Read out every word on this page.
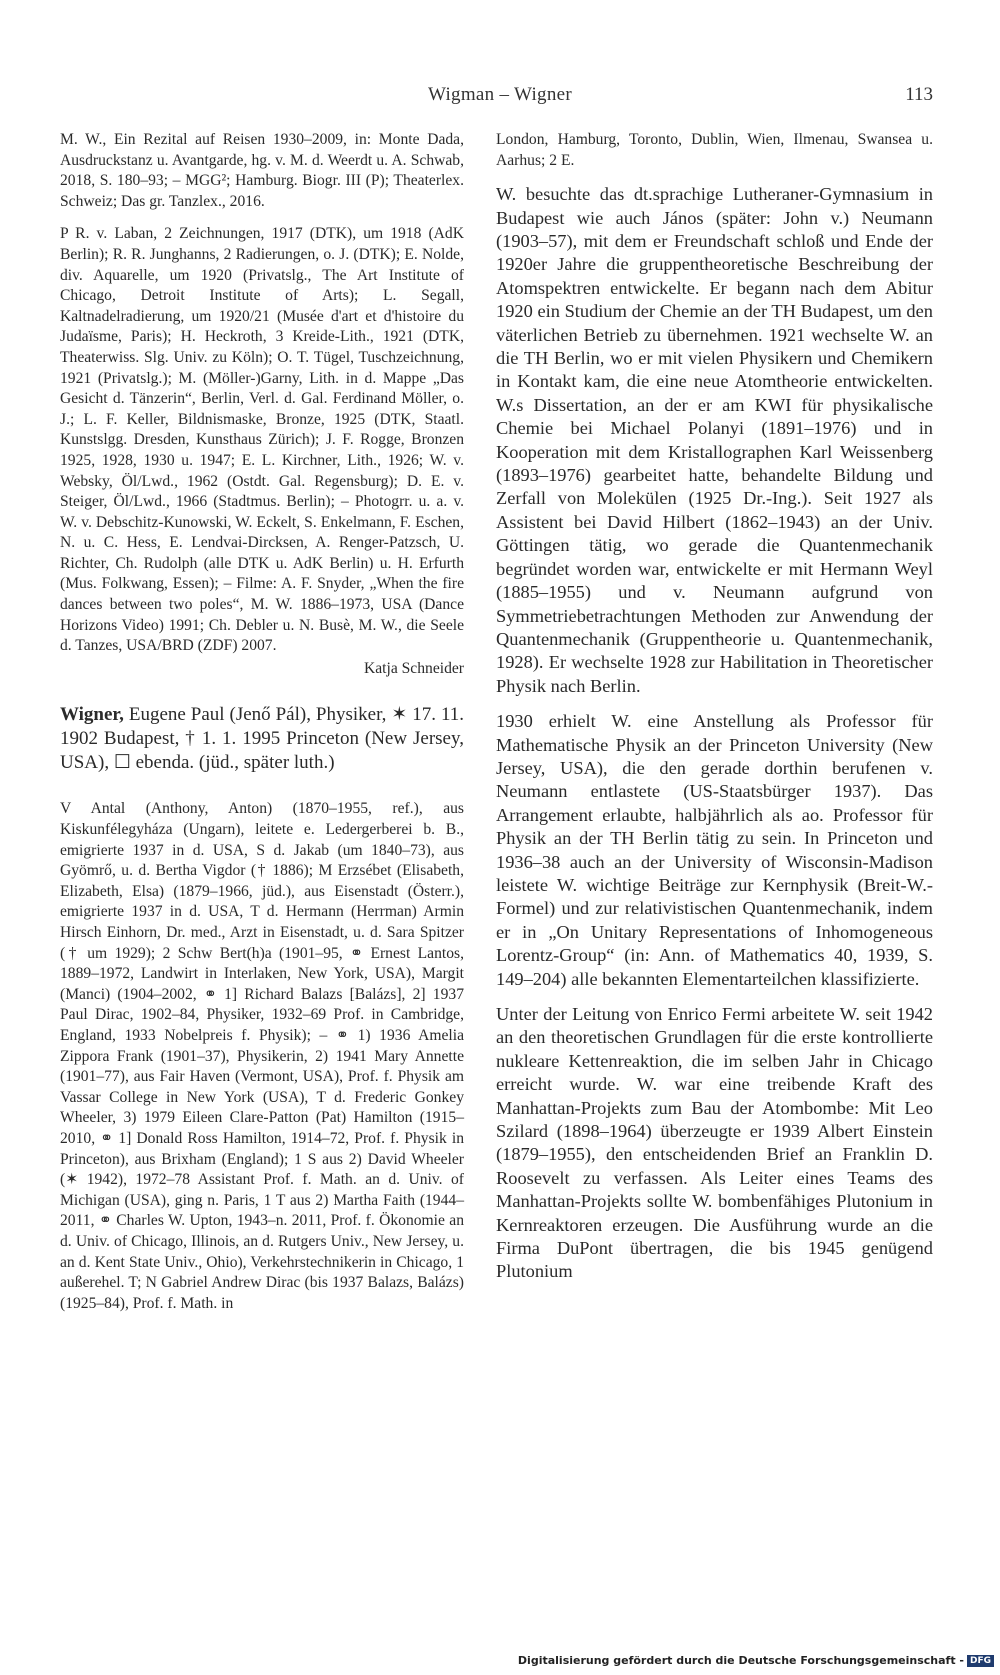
Wigman – Wigner	113

M. W., Ein Rezital auf Reisen 1930–2009, in: Monte Dada, Ausdruckstanz u. Avantgarde, hg. v. M. d. Weerdt u. A. Schwab, 2018, S. 180–93; – MGG²; Hamburg. Biogr. III (P); Theaterlex. Schweiz; Das gr. Tanzlex., 2016.

P R. v. Laban, 2 Zeichnungen, 1917 (DTK), um 1918 (AdK Berlin); R. R. Junghanns, 2 Radierungen, o. J. (DTK); E. Nolde, div. Aquarelle, um 1920 (Privatslg., The Art Institute of Chicago, Detroit Institute of Arts); L. Segall, Kaltnadelradierung, um 1920/21 (Musée d'art et d'histoire du Judaïsme, Paris); H. Heckroth, 3 Kreide-Lith., 1921 (DTK, Theaterwiss. Slg. Univ. zu Köln); O. T. Tügel, Tuschzeichnung, 1921 (Privatslg.); M. (Möller-)Garny, Lith. in d. Mappe „Das Gesicht d. Tänzerin“, Berlin, Verl. d. Gal. Ferdinand Möller, o. J.; L. F. Keller, Bildnismaske, Bronze, 1925 (DTK, Staatl. Kunstslgg. Dresden, Kunsthaus Zürich); J. F. Rogge, Bronzen 1925, 1928, 1930 u. 1947; E. L. Kirchner, Lith., 1926; W. v. Websky, Öl/Lwd., 1962 (Ostdt. Gal. Regensburg); D. E. v. Steiger, Öl/Lwd., 1966 (Stadtmus. Berlin); – Photogrr. u. a. v. W. v. Debschitz-Kunowski, W. Eckelt, S. Enkelmann, F. Eschen, N. u. C. Hess, E. Lendvai-Dircksen, A. Renger-Patzsch, U. Richter, Ch. Rudolph (alle DTK u. AdK Berlin) u. H. Erfurth (Mus. Folkwang, Essen); – Filme: A. F. Snyder, „When the fire dances between two poles“, M. W. 1886–1973, USA (Dance Horizons Video) 1991; Ch. Debler u. N. Busè, M. W., die Seele d. Tanzes, USA/BRD (ZDF) 2007.

Katja Schneider

Wigner, Eugene Paul (Jenő Pál), Physiker, ✶ 17. 11. 1902 Budapest, † 1. 1. 1995 Princeton (New Jersey, USA), ☐ ebenda. (jüd., später luth.)

V Antal (Anthony, Anton) (1870–1955, ref.), aus Kiskunfélegyháza (Ungarn), leitete e. Ledergerberei b. B., emigrierte 1937 in d. USA, S d. Jakab (um 1840–73), aus Gyömrő, u. d. Bertha Vigdor († 1886); M Erzsébet (Elisabeth, Elizabeth, Elsa) (1879–1966, jüd.), aus Eisenstadt (Österr.), emigrierte 1937 in d. USA, T d. Hermann (Herrman) Armin Hirsch Einhorn, Dr. med., Arzt in Eisenstadt, u. d. Sara Spitzer († um 1929); 2 Schw Bert(h)a (1901–95, ⚭ Ernest Lantos, 1889–1972, Landwirt in Interlaken, New York, USA), Margit (Manci) (1904–2002, ⚭ 1] Richard Balazs [Balázs], 2] 1937 Paul Dirac, 1902–84, Physiker, 1932–69 Prof. in Cambridge, England, 1933 Nobelpreis f. Physik); – ⚭ 1) 1936 Amelia Zippora Frank (1901–37), Physikerin, 2) 1941 Mary Annette (1901–77), aus Fair Haven (Vermont, USA), Prof. f. Physik am Vassar College in New York (USA), T d. Frederic Gonkey Wheeler, 3) 1979 Eileen Clare-Patton (Pat) Hamilton (1915–2010, ⚭ 1] Donald Ross Hamilton, 1914–72, Prof. f. Physik in Princeton), aus Brixham (England); 1 S aus 2) David Wheeler (✶ 1942), 1972–78 Assistant Prof. f. Math. an d. Univ. of Michigan (USA), ging n. Paris, 1 T aus 2) Martha Faith (1944–2011, ⚭ Charles W. Upton, 1943–n. 2011, Prof. f. Ökonomie an d. Univ. of Chicago, Illinois, an d. Rutgers Univ., New Jersey, u. an d. Kent State Univ., Ohio), Verkehrstechnikerin in Chicago, 1 außerehel. T; N Gabriel Andrew Dirac (bis 1937 Balazs, Balázs) (1925–84), Prof. f. Math. in

London, Hamburg, Toronto, Dublin, Wien, Ilmenau, Swansea u. Aarhus; 2 E.

W. besuchte das dt.sprachige Lutheraner-Gymnasium in Budapest wie auch János (später: John v.) Neumann (1903–57), mit dem er Freundschaft schloß und Ende der 1920er Jahre die gruppentheoretische Beschreibung der Atomspektren entwickelte. Er begann nach dem Abitur 1920 ein Studium der Chemie an der TH Budapest, um den väterlichen Betrieb zu übernehmen. 1921 wechselte W. an die TH Berlin, wo er mit vielen Physikern und Chemikern in Kontakt kam, die eine neue Atomtheorie entwickelten. W.s Dissertation, an der er am KWI für physikalische Chemie bei Michael Polanyi (1891–1976) und in Kooperation mit dem Kristallographen Karl Weissenberg (1893–1976) gearbeitet hatte, behandelte Bildung und Zerfall von Molekülen (1925 Dr.-Ing.). Seit 1927 als Assistent bei David Hilbert (1862–1943) an der Univ. Göttingen tätig, wo gerade die Quantenmechanik begründet worden war, entwickelte er mit Hermann Weyl (1885–1955) und v. Neumann aufgrund von Symmetriebetrachtungen Methoden zur Anwendung der Quantenmechanik (Gruppentheorie u. Quantenmechanik, 1928). Er wechselte 1928 zur Habilitation in Theoretischer Physik nach Berlin.

1930 erhielt W. eine Anstellung als Professor für Mathematische Physik an der Princeton University (New Jersey, USA), die den gerade dorthin berufenen v. Neumann entlastete (US-Staatsbürger 1937). Das Arrangement erlaubte, halbjährlich als ao. Professor für Physik an der TH Berlin tätig zu sein. In Princeton und 1936–38 auch an der University of Wisconsin-Madison leistete W. wichtige Beiträge zur Kernphysik (Breit-W.-Formel) und zur relativistischen Quantenmechanik, indem er in „On Unitary Representations of Inhomogeneous Lorentz-Group“ (in: Ann. of Mathematics 40, 1939, S. 149–204) alle bekannten Elementarteilchen klassifizierte.

Unter der Leitung von Enrico Fermi arbeitete W. seit 1942 an den theoretischen Grundlagen für die erste kontrollierte nukleare Kettenreaktion, die im selben Jahr in Chicago erreicht wurde. W. war eine treibende Kraft des Manhattan-Projekts zum Bau der Atombombe: Mit Leo Szilard (1898–1964) überzeugte er 1939 Albert Einstein (1879–1955), den entscheidenden Brief an Franklin D. Roosevelt zu verfassen. Als Leiter eines Teams des Manhattan-Projekts sollte W. bombenfähiges Plutonium in Kernreaktoren erzeugen. Die Ausführung wurde an die Firma DuPont übertragen, die bis 1945 genügend Plutonium

Digitalisierung gefördert durch die Deutsche Forschungsgemeinschaft - DFG
